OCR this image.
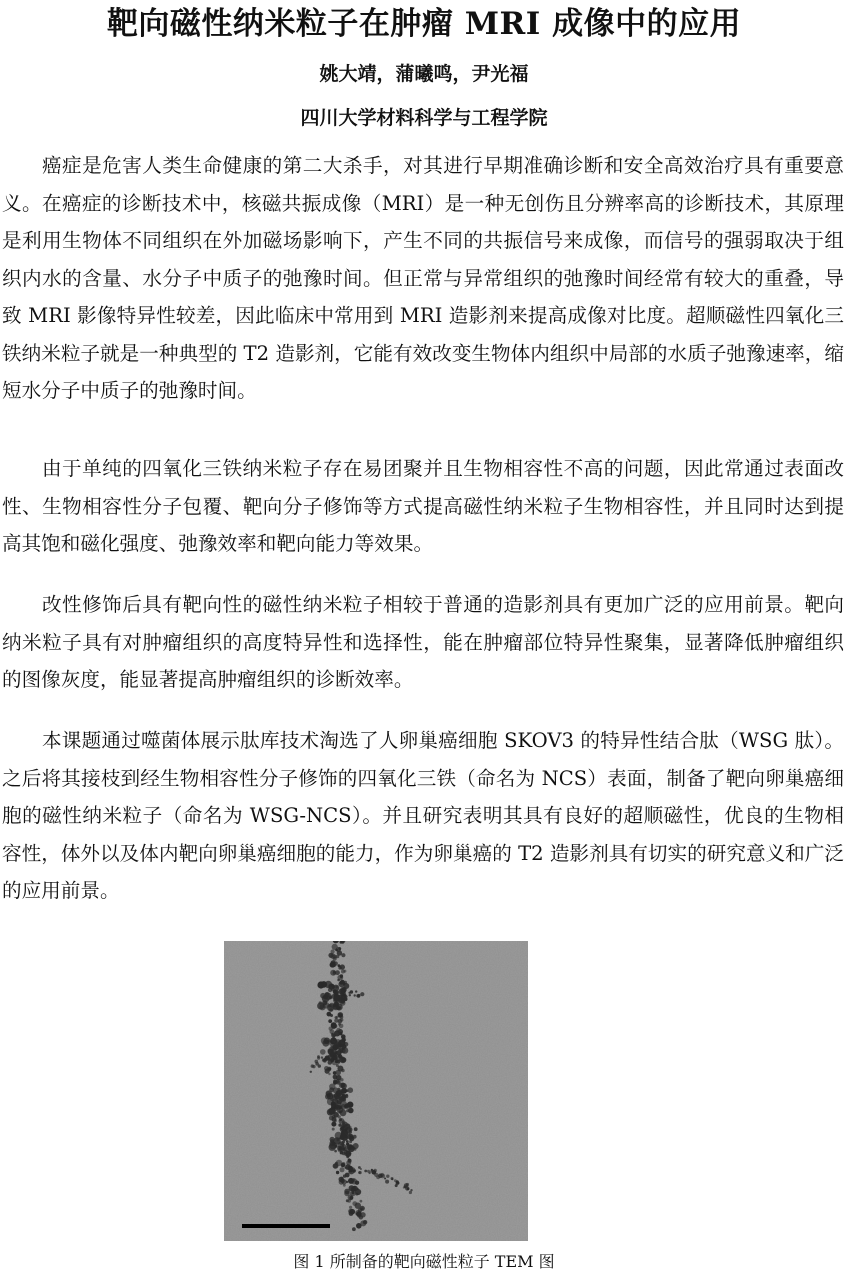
靶向磁性纳米粒子在肿瘤 MRI 成像中的应用
姚大靖，蒲曦鸣，尹光福
四川大学材料科学与工程学院

癌症是危害人类生命健康的第二大杀手，对其进行早期准确诊断和安全高效治疗具有重要意义。在癌症的诊断技术中，核磁共振成像（MRI）是一种无创伤且分辨率高的诊断技术，其原理是利用生物体不同组织在外加磁场影响下，产生不同的共振信号来成像，而信号的强弱取决于组织内水的含量、水分子中质子的弛豫时间。但正常与异常组织的弛豫时间经常有较大的重叠，导致 MRI 影像特异性较差，因此临床中常用到 MRI 造影剂来提高成像对比度。超顺磁性四氧化三铁纳米粒子就是一种典型的 T2 造影剂，它能有效改变生物体内组织中局部的水质子弛豫速率，缩短水分子中质子的弛豫时间。

由于单纯的四氧化三铁纳米粒子存在易团聚并且生物相容性不高的问题，因此常通过表面改性、生物相容性分子包覆、靶向分子修饰等方式提高磁性纳米粒子生物相容性，并且同时达到提高其饱和磁化强度、弛豫效率和靶向能力等效果。

改性修饰后具有靶向性的磁性纳米粒子相较于普通的造影剂具有更加广泛的应用前景。靶向纳米粒子具有对肿瘤组织的高度特异性和选择性，能在肿瘤部位特异性聚集，显著降低肿瘤组织的图像灰度，能显著提高肿瘤组织的诊断效率。

本课题通过噬菌体展示肽库技术淘选了人卵巢癌细胞 SKOV3 的特异性结合肽（WSG 肽）。之后将其接枝到经生物相容性分子修饰的四氧化三铁（命名为 NCS）表面，制备了靶向卵巢癌细胞的磁性纳米粒子（命名为 WSG-NCS）。并且研究表明其具有良好的超顺磁性，优良的生物相容性，体外以及体内靶向卵巢癌细胞的能力，作为卵巢癌的 T2 造影剂具有切实的研究意义和广泛的应用前景。

图 1 所制备的靶向磁性粒子 TEM 图
